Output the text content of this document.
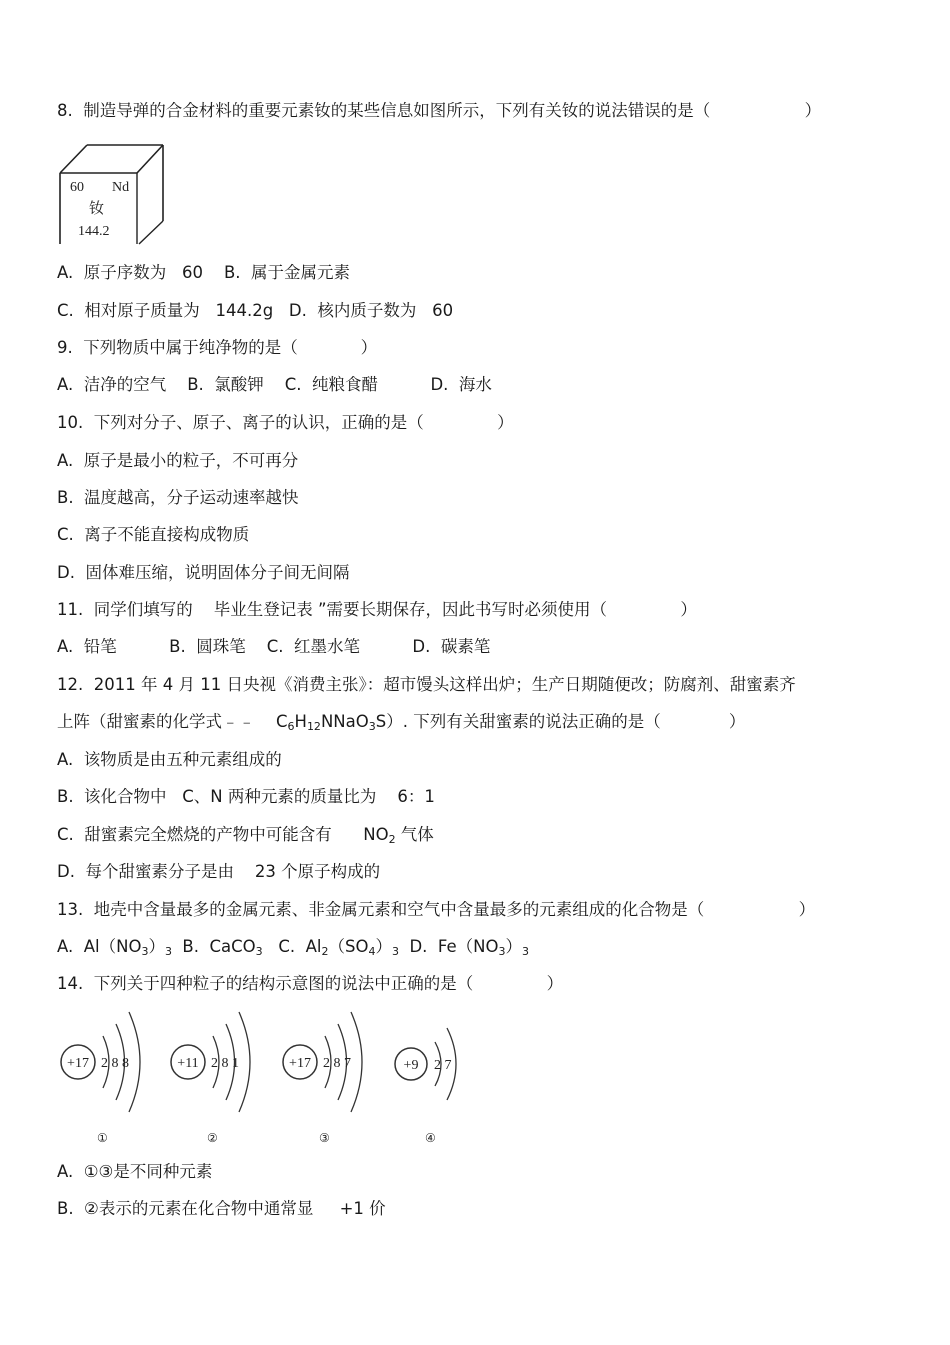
8.  制造导弹的合金材料的重要元素钕的某些信息如图所示，下列有关钕的说法错误的是（                  ）
60 Nd
钕
144.2
A.  原子序数为   60    B.  属于金属元素
C.  相对原子质量为   144.2g   D.  核内质子数为   60
9.  下列物质中属于纯净物的是（            ）
A.  洁净的空气    B.  氯酸钾    C.  纯粮食醋          D.  海水
10.  下列对分子、原子、离子的认识，正确的是（              ）
A.  原子是最小的粒子，不可再分
B.  温度越高，分子运动速率越快
C.  离子不能直接构成物质
D.  固体难压缩，说明固体分子间无间隔
11.  同学们填写的    毕业生登记表 ”需要长期保存，因此书写时必须使用（              ）
A.  铅笔          B.  圆珠笔    C.  红墨水笔          D.  碳素笔
12.  2011 年 4 月 11 日央视《消费主张》：超市馒头这样出炉；生产日期随便改；防腐剂、甜蜜素齐
上阵（甜蜜素的化学式﹣﹣    $C_6H_{12}NNaO_3S$）. 下列有关甜蜜素的说法正确的是（             ）
A.  该物质是由五种元素组成的
B.  该化合物中   C、N 两种元素的质量比为    6：1
C.  甜蜜素完全燃烧的产物中可能含有      $NO_2$ 气体
D.  每个甜蜜素分子是由    23 个原子构成的
13.  地壳中含量最多的金属元素、非金属元素和空气中含量最多的元素组成的化合物是（                  ）
A.  $Al(NO_3)_3$  B.  CaCO$_3$   C.  $Al_2(SO_4)_3$  D.  $Fe(NO_3)_3$
14.  下列关于四种粒子的结构示意图的说法中正确的是（              ）
+17 2 8 8
①
+11 2 8 1
②
+17 2 8 7
③
+9 2 7
④
A.  ①③是不同种元素
B.  ②表示的元素在化合物中通常显     +1 价
